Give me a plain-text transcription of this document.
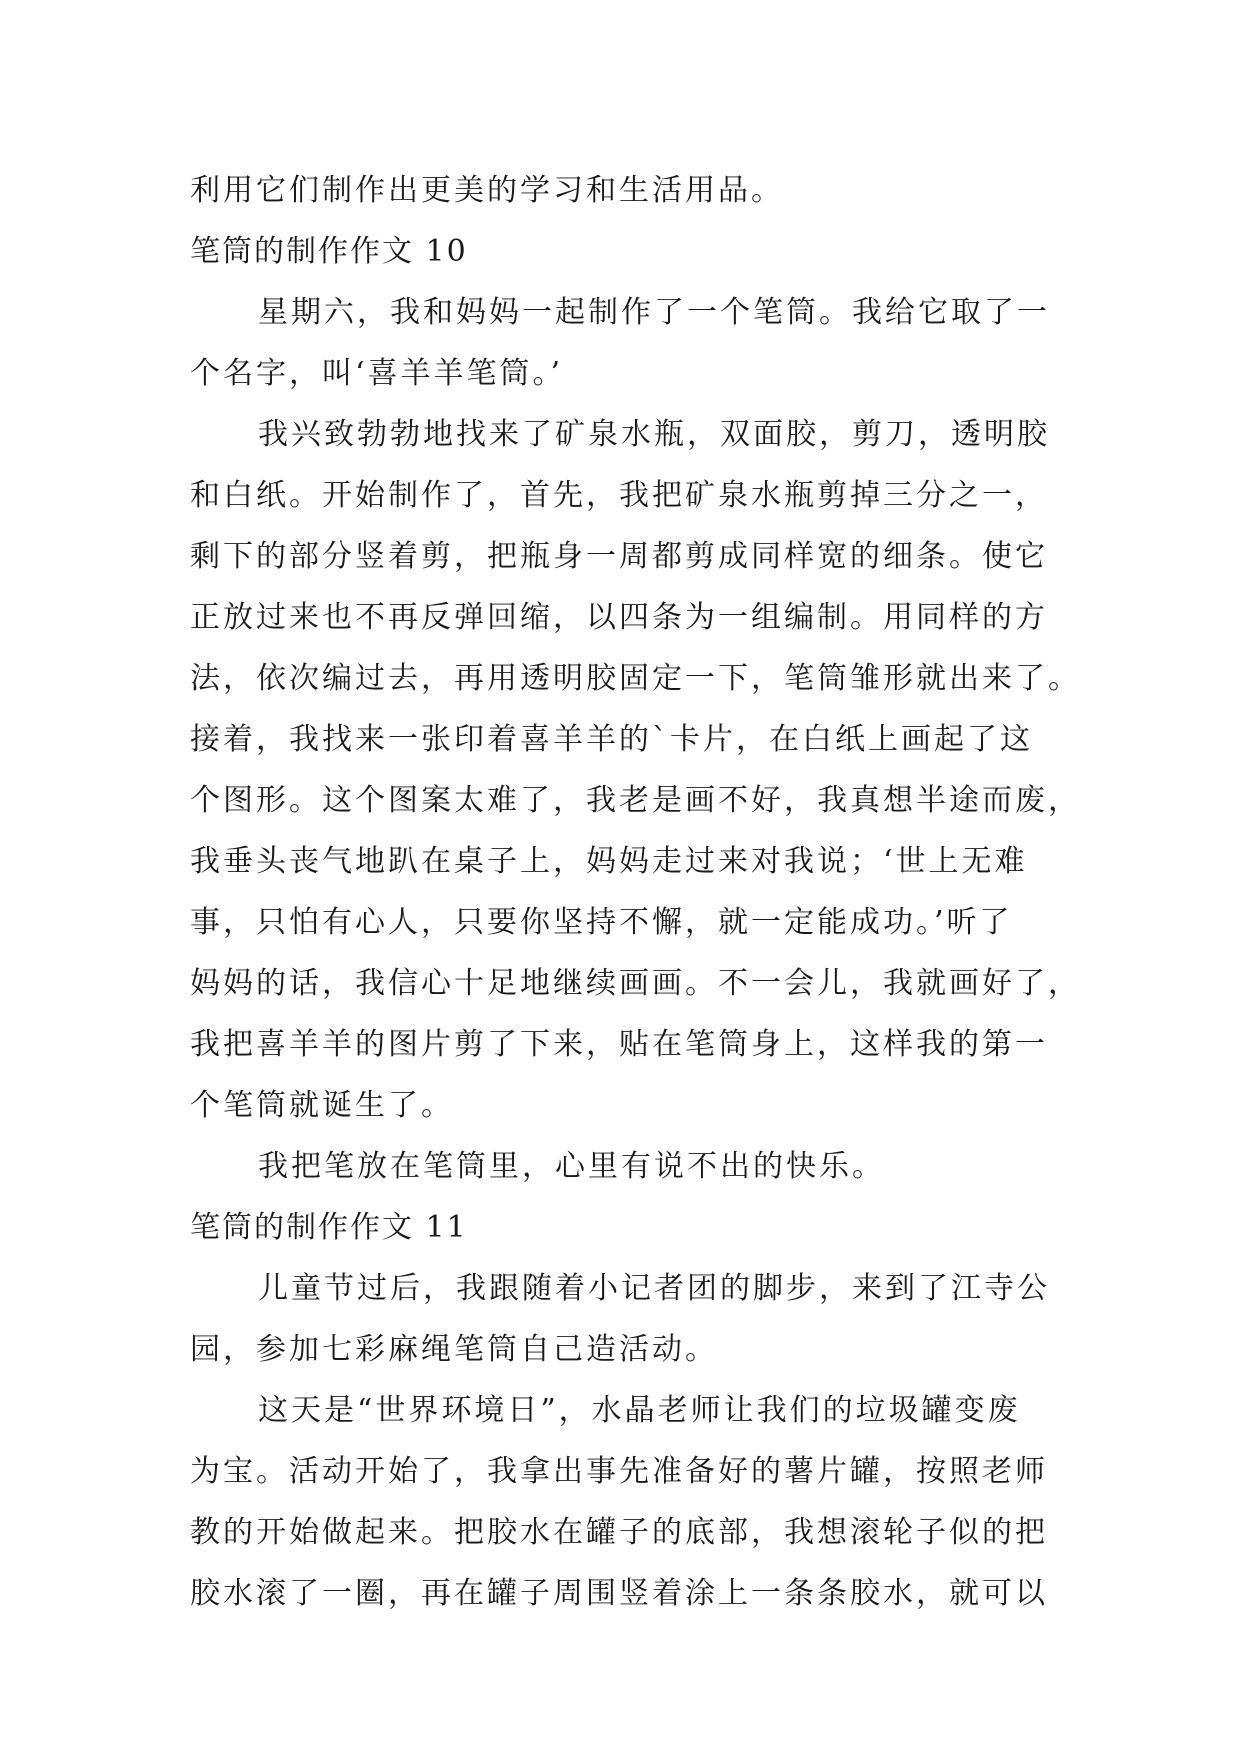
利用它们制作出更美的学习和生活用品。
笔筒的制作作文 10
星期六，我和妈妈一起制作了一个笔筒。我给它取了一
个名字，叫‘喜羊羊笔筒。’
我兴致勃勃地找来了矿泉水瓶，双面胶，剪刀，透明胶
和白纸。开始制作了，首先，我把矿泉水瓶剪掉三分之一，
剩下的部分竖着剪，把瓶身一周都剪成同样宽的细条。使它
正放过来也不再反弹回缩，以四条为一组编制。用同样的方
法，依次编过去，再用透明胶固定一下，笔筒雏形就出来了。
接着，我找来一张印着喜羊羊的`卡片，在白纸上画起了这
个图形。这个图案太难了，我老是画不好，我真想半途而废，
我垂头丧气地趴在桌子上，妈妈走过来对我说；‘世上无难
事，只怕有心人，只要你坚持不懈，就一定能成功。’听了
妈妈的话，我信心十足地继续画画。不一会儿，我就画好了，
我把喜羊羊的图片剪了下来，贴在笔筒身上，这样我的第一
个笔筒就诞生了。
我把笔放在笔筒里，心里有说不出的快乐。
笔筒的制作作文 11
儿童节过后，我跟随着小记者团的脚步，来到了江寺公
园，参加七彩麻绳笔筒自己造活动。
这天是“世界环境日”，水晶老师让我们的垃圾罐变废
为宝。活动开始了，我拿出事先准备好的薯片罐，按照老师
教的开始做起来。把胶水在罐子的底部，我想滚轮子似的把
胶水滚了一圈，再在罐子周围竖着涂上一条条胶水，就可以
